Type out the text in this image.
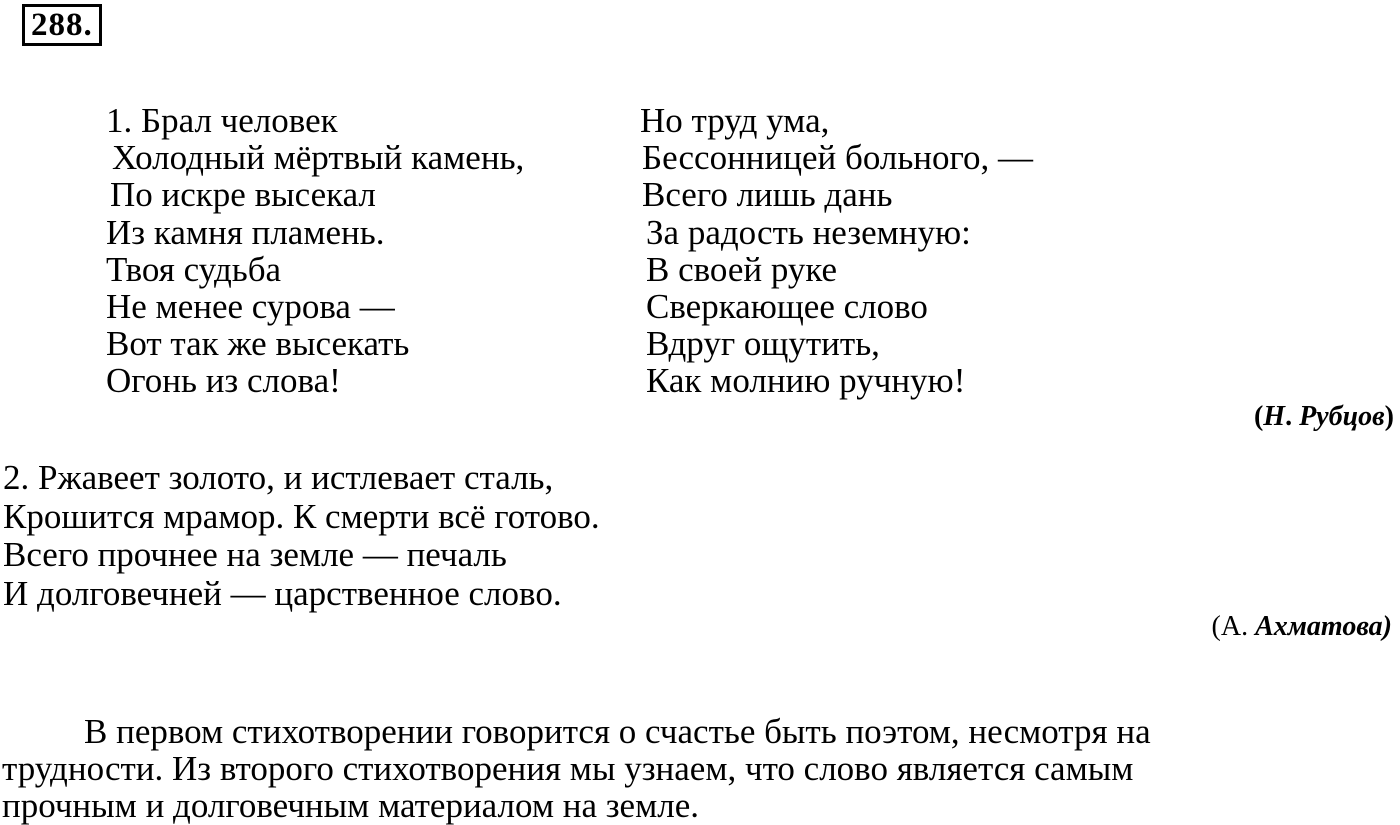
288.
1. Брал человек
Холодный мёртвый камень,
По искре высекал
Из камня пламень.
Твоя судьба
Не менее сурова —
Вот так же высекать
Огонь из слова!
Но труд ума,
Бессонницей больного, —
Всего лишь дань
За радость неземную:
В своей руке
Сверкающее слово
Вдруг ощутить,
Как молнию ручную!
(Н. Рубцов)
2. Ржавеет золото, и истлевает сталь,
Крошится мрамор. К смерти всё готово.
Всего прочнее на земле — печаль
И долговечней — царственное слово.
(А. Ахматова)
В первом стихотворении говорится о счастье быть поэтом, несмотря на
трудности. Из второго стихотворения мы узнаем, что слово является самым
прочным и долговечным материалом на земле.
